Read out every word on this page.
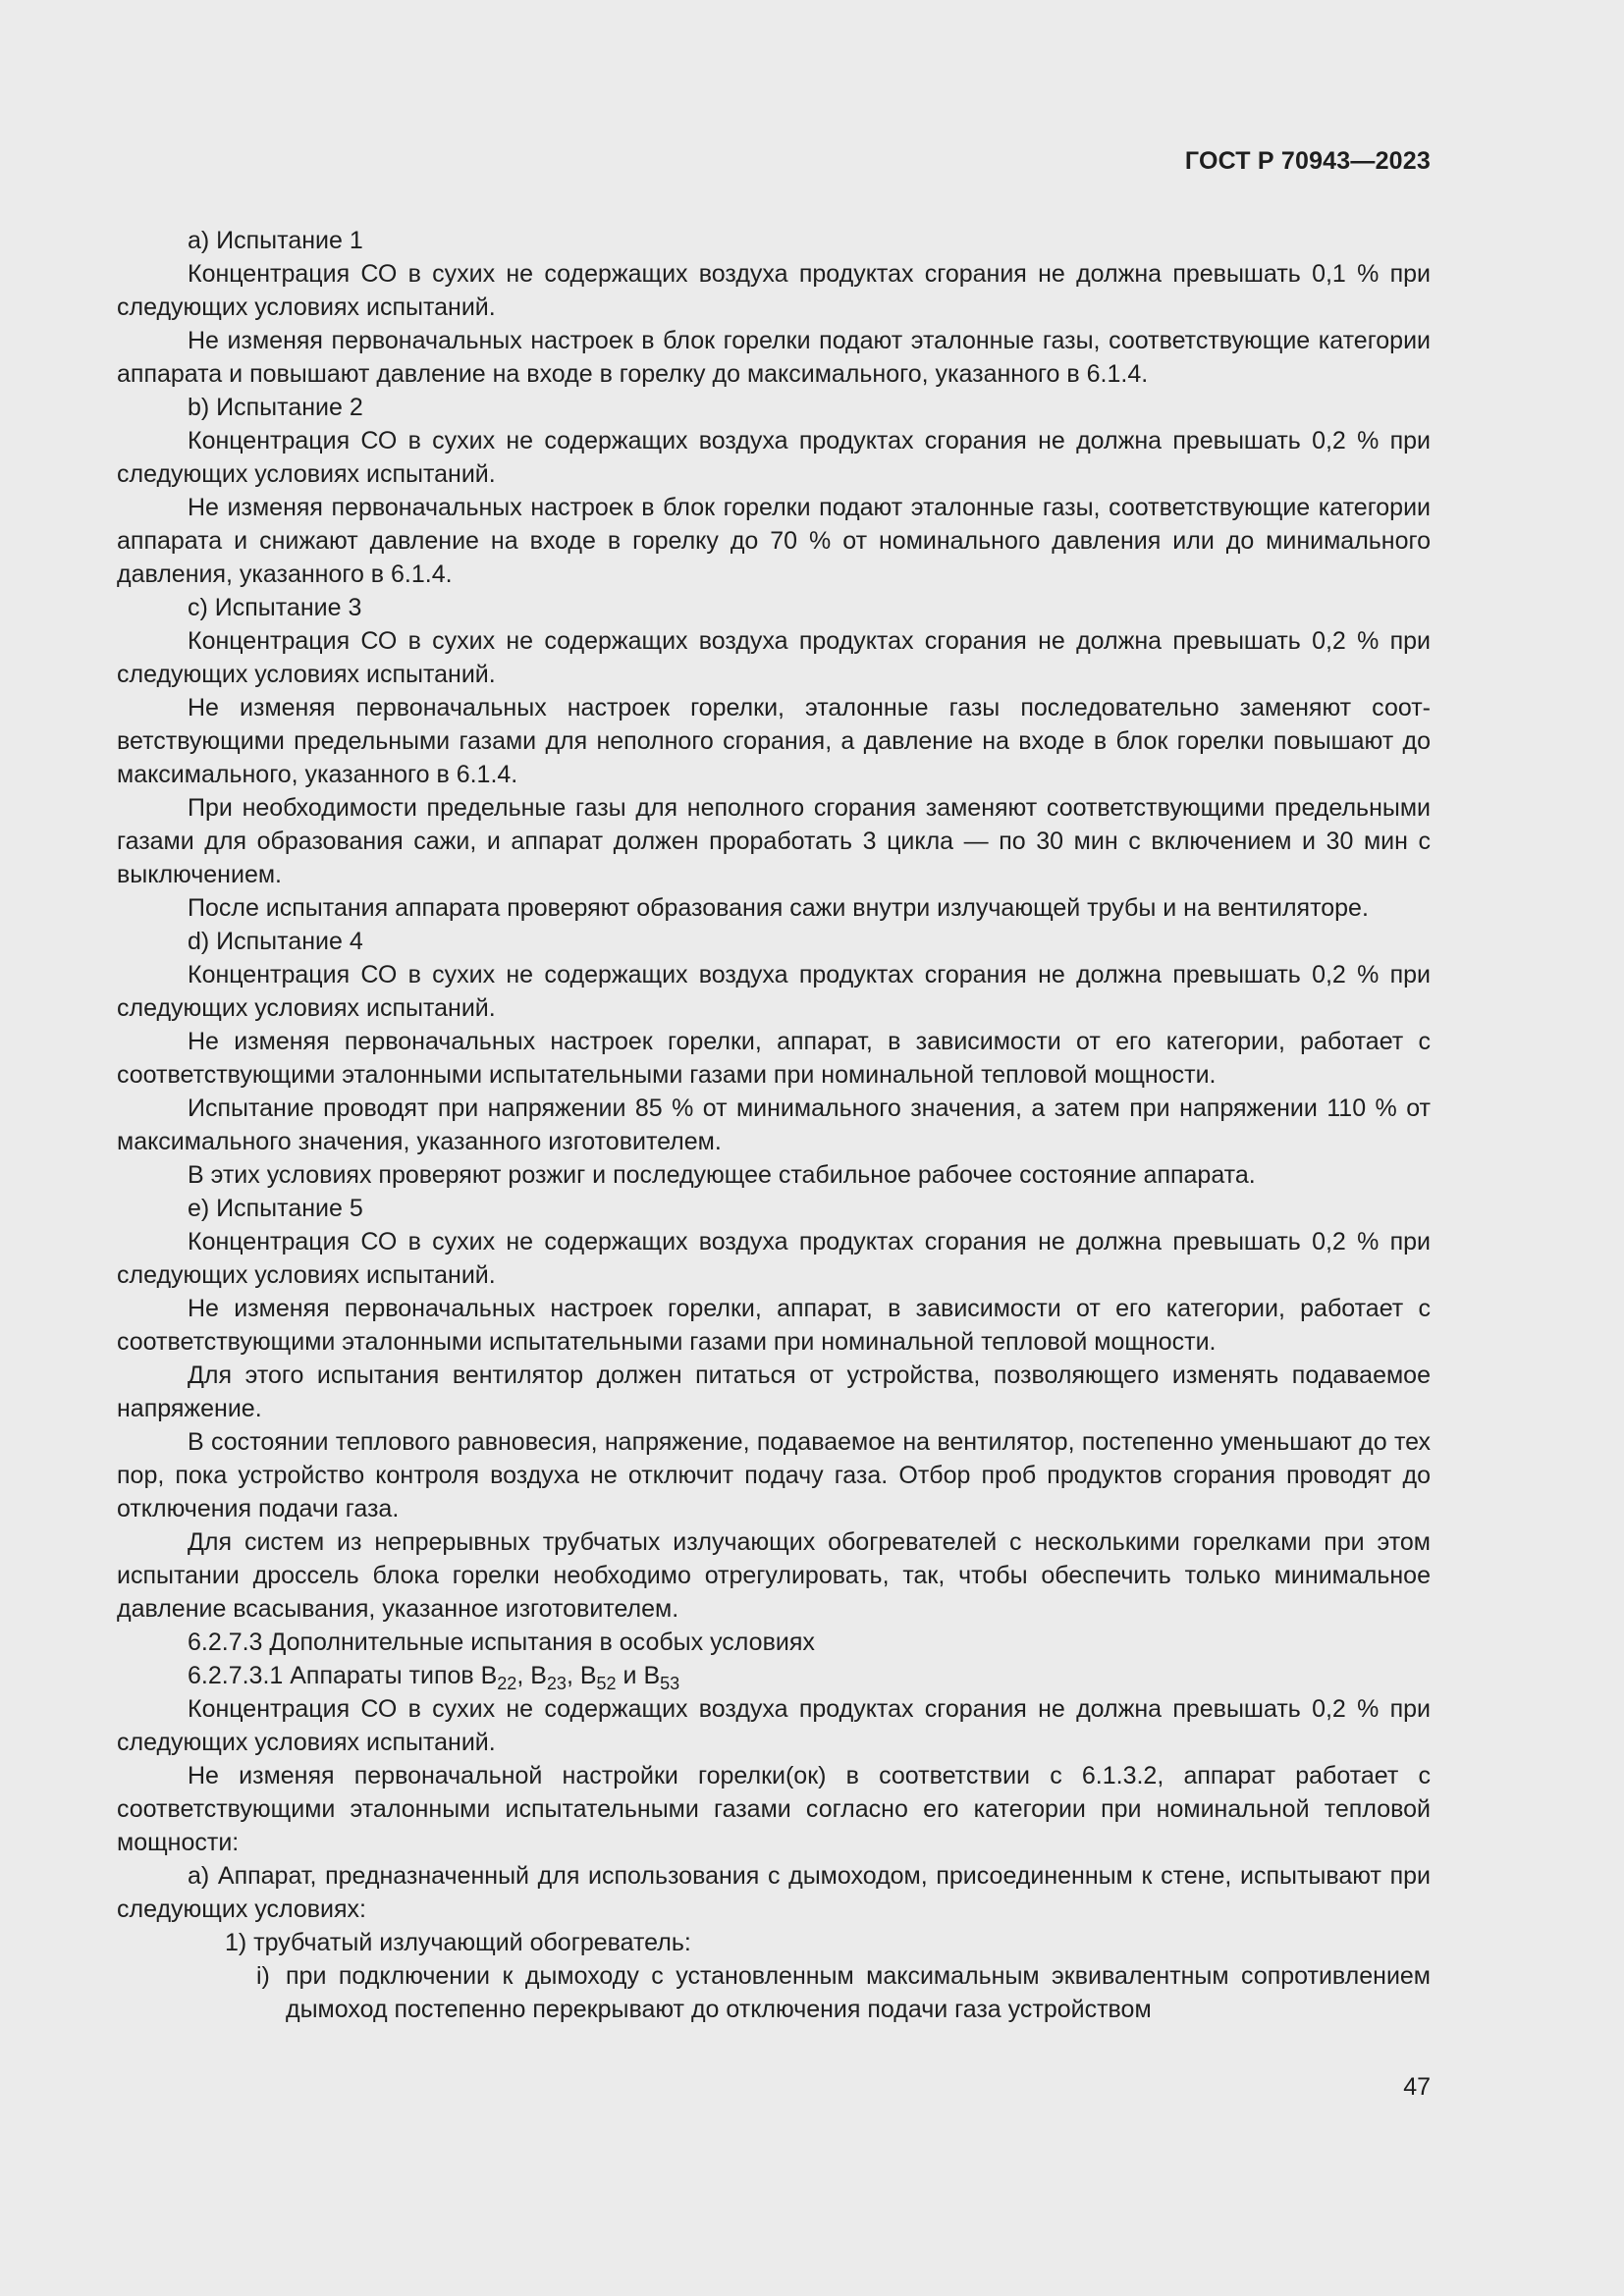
ГОСТ Р 70943—2023

a) Испытание 1

Концентрация СО в сухих не содержащих воздуха продуктах сгорания не должна превышать 0,1 % при следующих условиях испытаний.

Не изменяя первоначальных настроек в блок горелки подают эталонные газы, соответствующие категории аппарата и повышают давление на входе в горелку до максимального, указанного в 6.1.4.

b) Испытание 2

Концентрация СО в сухих не содержащих воздуха продуктах сгорания не должна превышать 0,2 % при следующих условиях испытаний.

Не изменяя первоначальных настроек в блок горелки подают эталонные газы, соответствующие категории аппарата и снижают давление на входе в горелку до 70 % от номинального давления или до минимального давления, указанного в 6.1.4.

c) Испытание 3

Концентрация СО в сухих не содержащих воздуха продуктах сгорания не должна превышать 0,2 % при следующих условиях испытаний.

Не изменяя первоначальных настроек горелки, эталонные газы последовательно заменяют соответствующими предельными газами для неполного сгорания, а давление на входе в блок горелки повышают до максимального, указанного в 6.1.4.

При необходимости предельные газы для неполного сгорания заменяют соответствующими предельными газами для образования сажи, и аппарат должен проработать 3 цикла — по 30 мин с включением и 30 мин с выключением.

После испытания аппарата проверяют образования сажи внутри излучающей трубы и на вентиляторе.

d) Испытание 4

Концентрация СО в сухих не содержащих воздуха продуктах сгорания не должна превышать 0,2 % при следующих условиях испытаний.

Не изменяя первоначальных настроек горелки, аппарат, в зависимости от его категории, работает с соответствующими эталонными испытательными газами при номинальной тепловой мощности.

Испытание проводят при напряжении 85 % от минимального значения, а затем при напряжении 110 % от максимального значения, указанного изготовителем.

В этих условиях проверяют розжиг и последующее стабильное рабочее состояние аппарата.

e) Испытание 5

Концентрация СО в сухих не содержащих воздуха продуктах сгорания не должна превышать 0,2 % при следующих условиях испытаний.

Не изменяя первоначальных настроек горелки, аппарат, в зависимости от его категории, работает с соответствующими эталонными испытательными газами при номинальной тепловой мощности.

Для этого испытания вентилятор должен питаться от устройства, позволяющего изменять подаваемое напряжение.

В состоянии теплового равновесия, напряжение, подаваемое на вентилятор, постепенно уменьшают до тех пор, пока устройство контроля воздуха не отключит подачу газа. Отбор проб продуктов сгорания проводят до отключения подачи газа.

Для систем из непрерывных трубчатых излучающих обогревателей с несколькими горелками при этом испытании дроссель блока горелки необходимо отрегулировать, так, чтобы обеспечить только минимальное давление всасывания, указанное изготовителем.

6.2.7.3 Дополнительные испытания в особых условиях

6.2.7.3.1 Аппараты типов $B_{22}$, $B_{23}$, $B_{52}$ и $B_{53}$

Концентрация СО в сухих не содержащих воздуха продуктах сгорания не должна превышать 0,2 % при следующих условиях испытаний.

Не изменяя первоначальной настройки горелки(ок) в соответствии с 6.1.3.2, аппарат работает с соответствующими эталонными испытательными газами согласно его категории при номинальной тепловой мощности:

a) Аппарат, предназначенный для использования с дымоходом, присоединенным к стене, испытывают при следующих условиях:

1) трубчатый излучающий обогреватель:

i) при подключении к дымоходу с установленным максимальным эквивалентным сопротивлением дымоход постепенно перекрывают до отключения подачи газа устройством

47
